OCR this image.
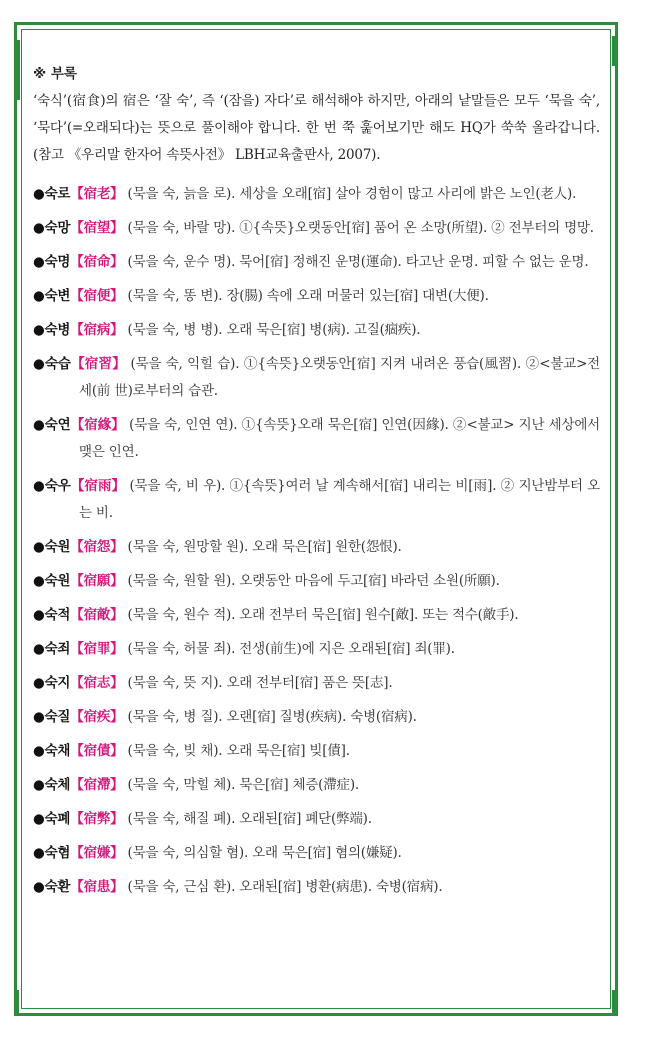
※ 부록
‘숙식’(宿食)의 宿은 ‘잘 숙’, 즉 ‘(잠을) 자다’로 해석해야 하지만, 아래의 낱말들은 모두 ‘묵을 숙’, ‘묵다’(=오래되다)는 뜻으로 풀이해야 합니다. 한 번 쭉 훑어보기만 해도 HQ가 쑥쑥 올라갑니다. (참고 《우리말 한자어 속뜻사전》 LBH교육출판사, 2007).
●숙로【宿老】 (묵을 숙, 늙을 로). 세상을 오래[宿] 살아 경험이 많고 사리에 밝은 노인(老人).
●숙망【宿望】 (묵을 숙, 바랄 망). ①{속뜻}오랫동안[宿] 품어 온 소망(所望). ② 전부터의 명망.
●숙명【宿命】 (묵을 숙, 운수 명). 묵어[宿] 정해진 운명(運命). 타고난 운명. 피할 수 없는 운명.
●숙변【宿便】 (묵을 숙, 똥 변). 장(腸) 속에 오래 머물러 있는[宿] 대변(大便).
●숙병【宿病】 (묵을 숙, 병 병). 오래 묵은[宿] 병(病). 고질(痼疾).
●숙습【宿習】 (묵을 숙, 익힐 습). ①{속뜻}오랫동안[宿] 지켜 내려온 풍습(風習). ②<불교>전세(前 世)로부터의 습관.
●숙연【宿緣】 (묵을 숙, 인연 연). ①{속뜻}오래 묵은[宿] 인연(因緣). ②<불교> 지난 세상에서 맺은 인연.
●숙우【宿雨】 (묵을 숙, 비 우). ①{속뜻}여러 날 계속해서[宿] 내리는 비[雨]. ② 지난밤부터 오는 비.
●숙원【宿怨】 (묵을 숙, 원망할 원). 오래 묵은[宿] 원한(怨恨).
●숙원【宿願】 (묵을 숙, 원할 원). 오랫동안 마음에 두고[宿] 바라던 소원(所願).
●숙적【宿敵】 (묵을 숙, 원수 적). 오래 전부터 묵은[宿] 원수[敵]. 또는 적수(敵手).
●숙죄【宿罪】 (묵을 숙, 허물 죄). 전생(前生)에 지은 오래된[宿] 죄(罪).
●숙지【宿志】 (묵을 숙, 뜻 지). 오래 전부터[宿] 품은 뜻[志].
●숙질【宿疾】 (묵을 숙, 병 질). 오랜[宿] 질병(疾病). 숙병(宿病).
●숙채【宿債】 (묵을 숙, 빚 채). 오래 묵은[宿] 빚[債].
●숙체【宿滯】 (묵을 숙, 막힐 체). 묵은[宿] 체증(滯症).
●숙폐【宿弊】 (묵을 숙, 해질 폐). 오래된[宿] 폐단(弊端).
●숙혐【宿嫌】 (묵을 숙, 의심할 혐). 오래 묵은[宿] 혐의(嫌疑).
●숙환【宿患】 (묵을 숙, 근심 환). 오래된[宿] 병환(病患). 숙병(宿病).
